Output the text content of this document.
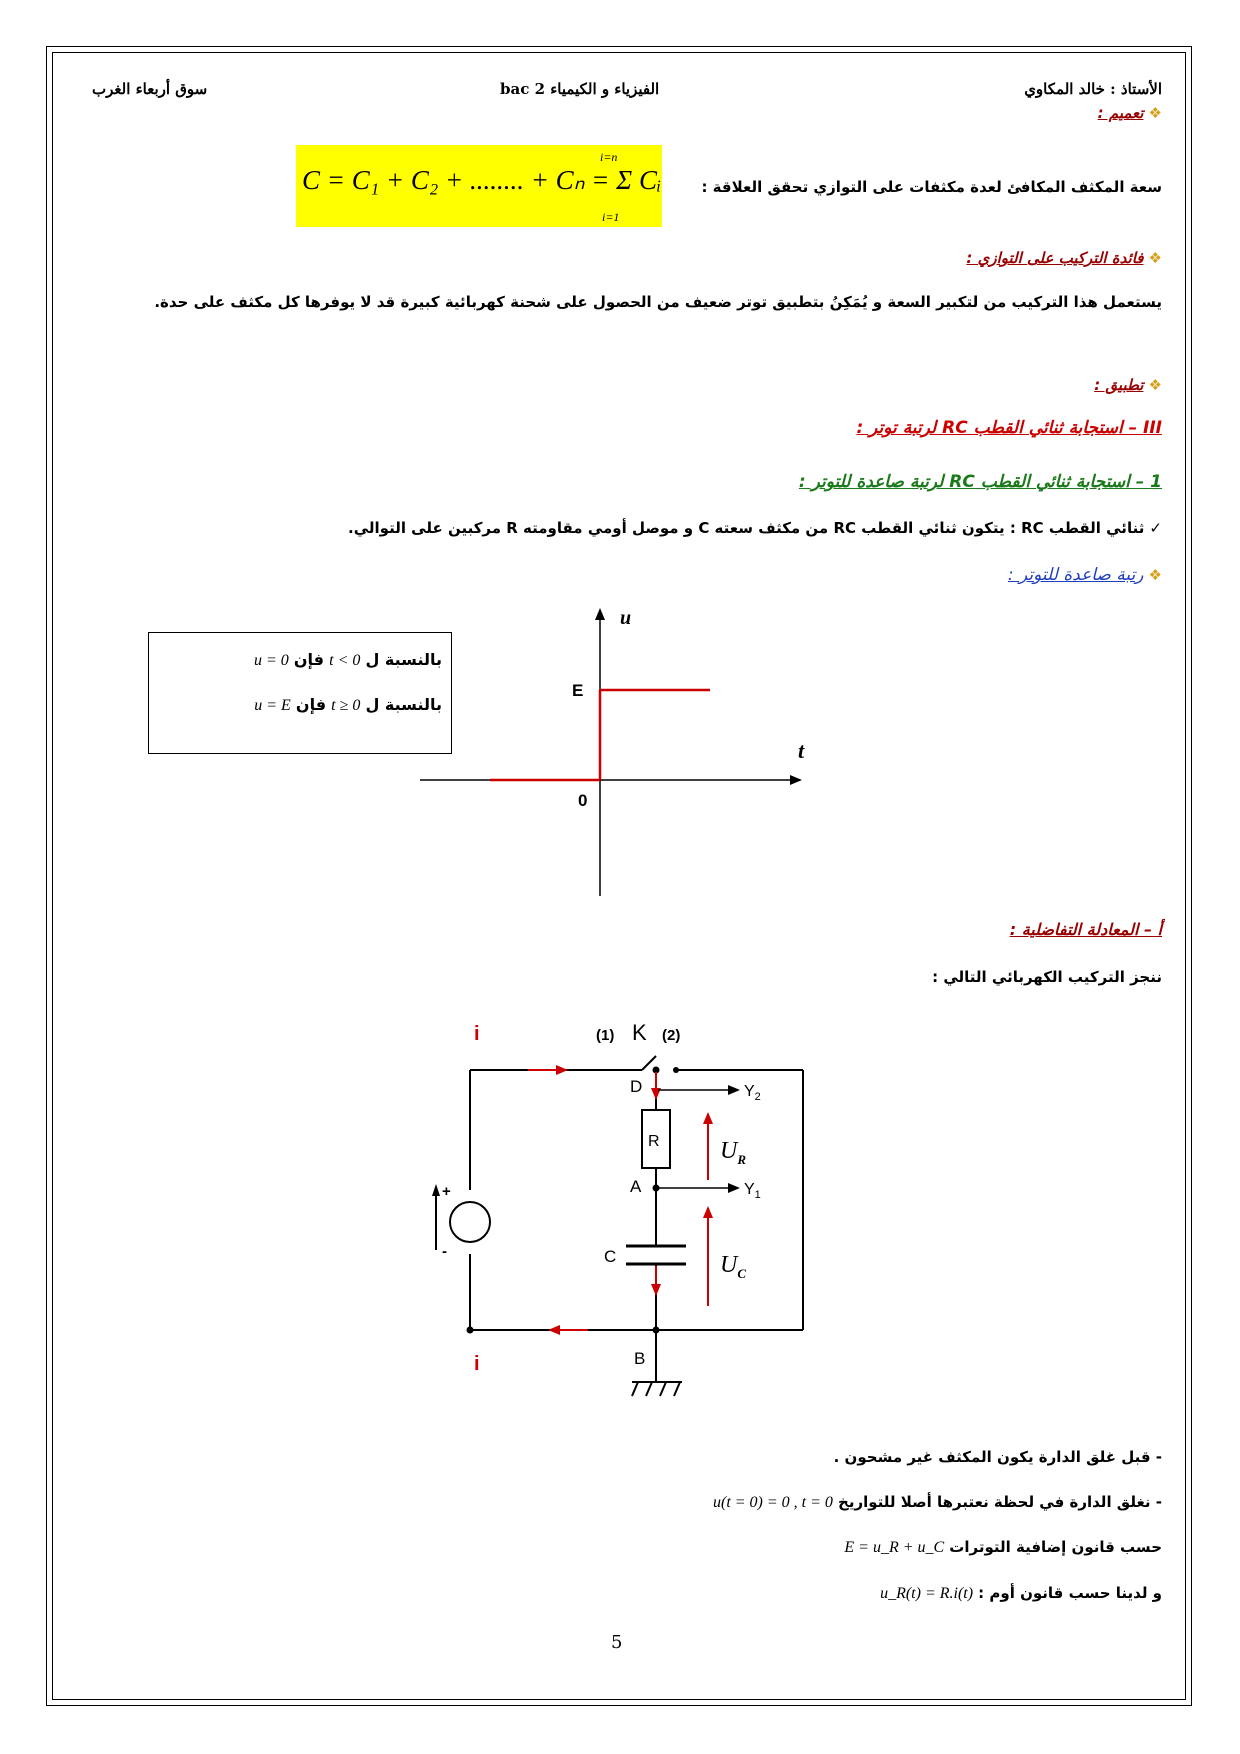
الأستاذ : خالد المكاوي
الفيزياء و الكيمياء 2 bac
سوق أربعاء الغرب
❖ تعميم :
C = C₁ + C₂ + ........ + Cₙ = Σ Cᵢ
i=n
i=1
سعة المكثف المكافئ لعدة مكثفات على التوازي تحقق العلاقة :
❖ فائدة التركيب على التوازي :
يستعمل هذا التركيب من لتكبير السعة و يُمَكِنُ بتطبيق توتر ضعيف من الحصول على شحنة كهربائية كبيرة قد لا يوفرها كل مكثف على حدة.
❖ تطبيق :
III – استجابة ثنائي القطب RC لرتبة توتر :
1 – استجابة ثنائي القطب RC لرتبة صاعدة للتوتر :
✓ ثنائي القطب RC : يتكون ثنائي القطب RC من مكثف سعته C و موصل أومي مقاومته R مركبين على التوالي.
❖ رتبة صاعدة للتوتر :
بالنسبة ل t < 0 فإن u = 0
بالنسبة ل t ≥ 0 فإن u = E
u
t
E
0
أ – المعادلة التفاضلية :
ننجز التركيب الكهربائي التالي :
+
-
i
i
(1) K (2)
D
R
A
C
B
$Y_2$
$Y_1$
$U_R$
$U_C$
- قبل غلق الدارة يكون المكثف غير مشحون .
- نغلق الدارة في لحظة نعتبرها أصلا للتواريخ u(t = 0) = 0 , t = 0
حسب قانون إضافية التوترات E = u_R + u_C
و لدينا حسب قانون أوم : u_R(t) = R.i(t)
5
